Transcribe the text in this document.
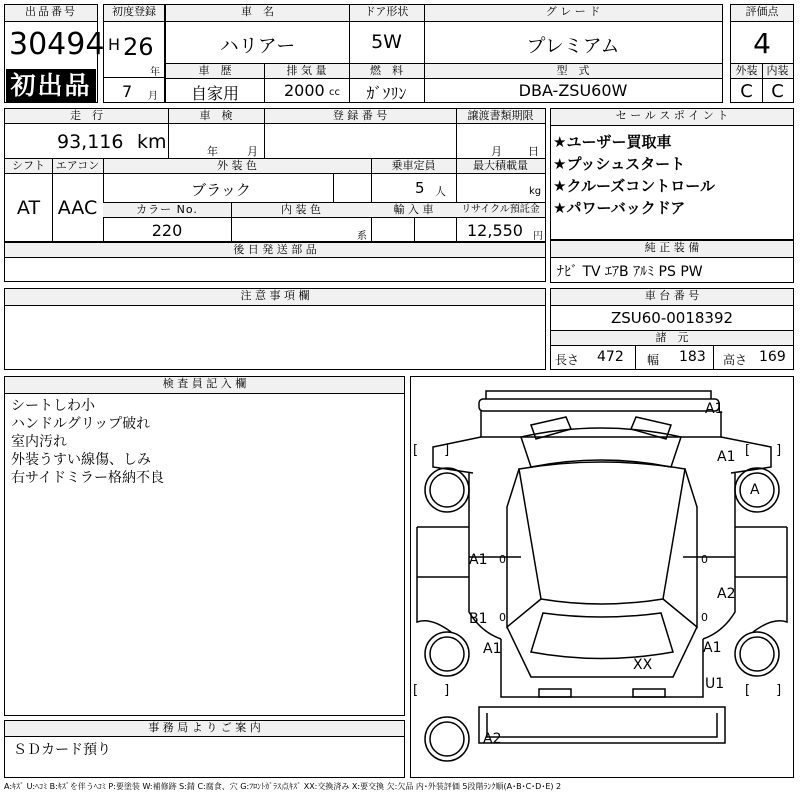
出品番号
30494
初出品
初度登録
H 26
年
7 月
車　名	ドア形状	グ レ ー ド
ハリアー	5W	プレミアム
車　歴	排 気 量	燃　料	型　式
自家用	2000 cc	ｶﾞｿﾘﾝ	DBA-ZSU60W
評価点
4
外装 内装
C	C
走　行	車　検	登 録 番 号	譲渡書類期限
93,116 km	年	月	月 日
シフト エアコン	外 装 色	乗車定員	最大積載量
AT AAC
ブラック	5 人	kg
カラー No.	内 装 色	輸 入 車	リサイクル預託金
220	系	12,550 円
後 日 発 送 部 品
セ ー ル ス ポ イ ン ト
★ユーザー買取車
★プッシュスタート
★クルーズコントロール
★パワーバックドア
純 正 装 備
ﾅﾋﾞ TV ｴｱB ｱﾙﾐ PS PW
注 意 事 項 欄	車 台 番 号
ZSU60-0018392
諸　元
長さ 472 幅 183 高さ 169
検 査 員 記 入 欄
シートしわ小
ハンドルグリップ破れ
室内汚れ
外装うすい線傷、しみ
右サイドミラー格納不良
事 務 局 よ り ご 案 内
ＳＤカード預り
[　　]	[　　]
[　　]	[　　]
0	0
0	0
A1
A1
A
A1
B1
A2
A1	A1
XX
U1
A2
A:ｷｽﾞ U:ﾍｺﾐ B:ｷｽﾞを伴うﾍｺﾐ P:要塗装 W:補修跡 S:錆 C:腐食、穴 G:ﾌﾛﾝﾄｶﾞﾗｽ点ｷｽﾞ XX:交換済み X:要交換 欠:欠品 内･外装評価 5段階ﾗﾝｸ順(A･B･C･D･E) 2
